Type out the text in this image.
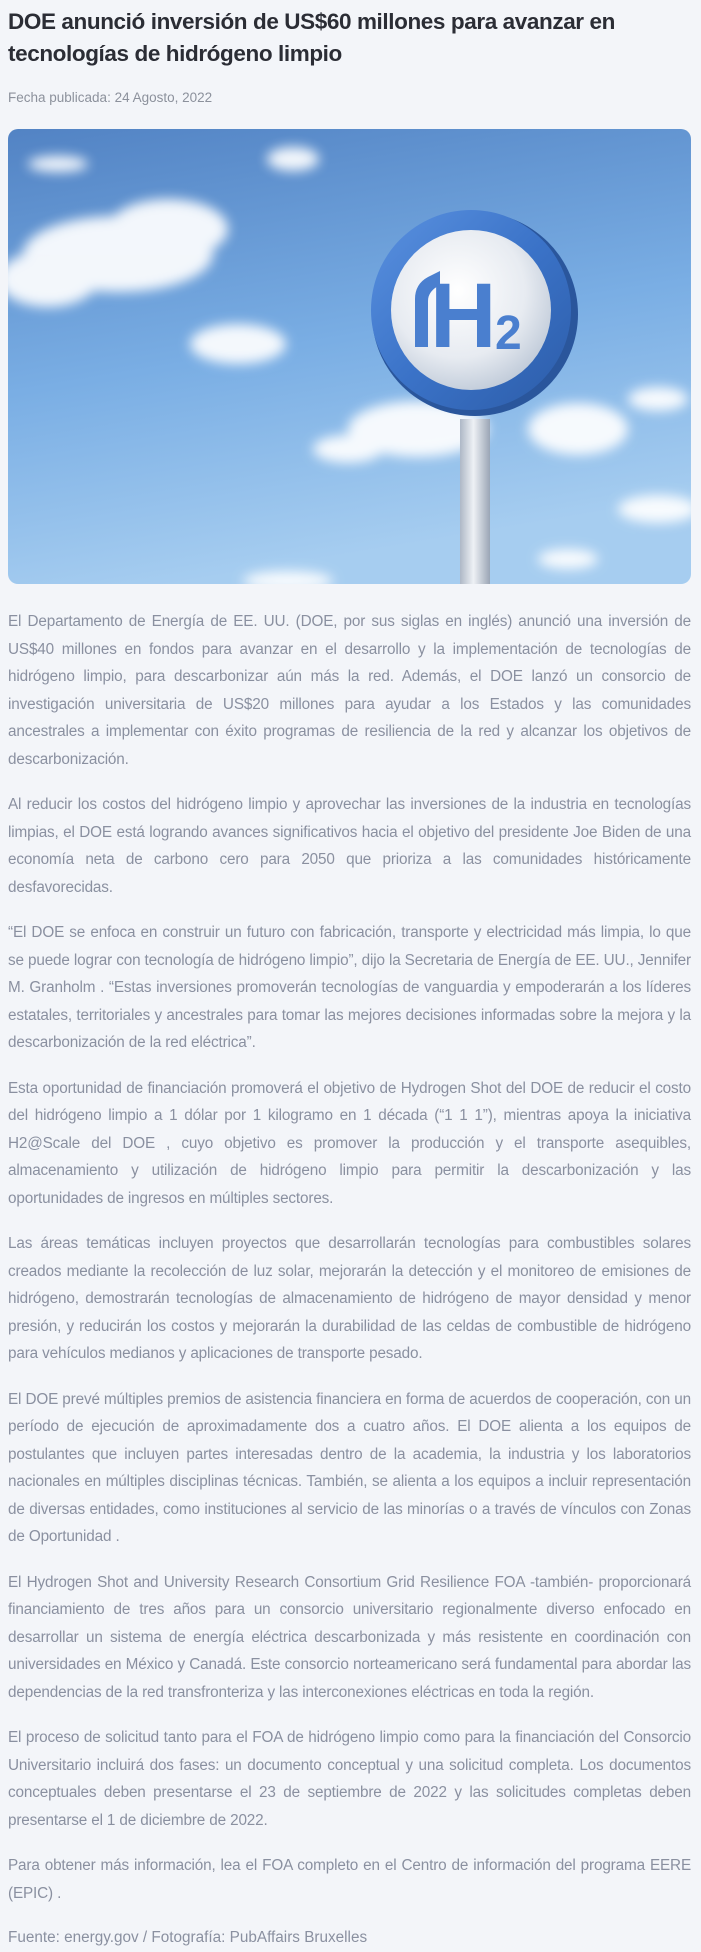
DOE anunció inversión de US$60 millones para avanzar en tecnologías de hidrógeno limpio
Fecha publicada: 24 Agosto, 2022
H
2

El Departamento de Energía de EE. UU. (DOE, por sus siglas en inglés) anunció una inversión de US$40 millones en fondos para avanzar en el desarrollo y la implementación de tecnologías de hidrógeno limpio, para descarbonizar aún más la red. Además, el DOE lanzó un consorcio de investigación universitaria de US$20 millones para ayudar a los Estados y las comunidades ancestrales a implementar con éxito programas de resiliencia de la red y alcanzar los objetivos de descarbonización.

Al reducir los costos del hidrógeno limpio y aprovechar las inversiones de la industria en tecnologías limpias, el DOE está logrando avances significativos hacia el objetivo del presidente Joe Biden de una economía neta de carbono cero para 2050 que prioriza a las comunidades históricamente desfavorecidas.

“El DOE se enfoca en construir un futuro con fabricación, transporte y electricidad más limpia, lo que se puede lograr con tecnología de hidrógeno limpio”, dijo la Secretaria de Energía de EE. UU., Jennifer M. Granholm . “Estas inversiones promoverán tecnologías de vanguardia y empoderarán a los líderes estatales, territoriales y ancestrales para tomar las mejores decisiones informadas sobre la mejora y la descarbonización de la red eléctrica”.

Esta oportunidad de financiación promoverá el objetivo de Hydrogen Shot del DOE de reducir el costo del hidrógeno limpio a 1 dólar por 1 kilogramo en 1 década (“1 1 1”), mientras apoya la iniciativa H2@Scale del DOE , cuyo objetivo es promover la producción y el transporte asequibles, almacenamiento y utilización de hidrógeno limpio para permitir la descarbonización y las oportunidades de ingresos en múltiples sectores.

Las áreas temáticas incluyen proyectos que desarrollarán tecnologías para combustibles solares creados mediante la recolección de luz solar, mejorarán la detección y el monitoreo de emisiones de hidrógeno, demostrarán tecnologías de almacenamiento de hidrógeno de mayor densidad y menor presión, y reducirán los costos y mejorarán la durabilidad de las celdas de combustible de hidrógeno para vehículos medianos y aplicaciones de transporte pesado.

El DOE prevé múltiples premios de asistencia financiera en forma de acuerdos de cooperación, con un período de ejecución de aproximadamente dos a cuatro años. El DOE alienta a los equipos de postulantes que incluyen partes interesadas dentro de la academia, la industria y los laboratorios nacionales en múltiples disciplinas técnicas. También, se alienta a los equipos a incluir representación de diversas entidades, como instituciones al servicio de las minorías o a través de vínculos con Zonas de Oportunidad .

El Hydrogen Shot and University Research Consortium Grid Resilience FOA -también- proporcionará financiamiento de tres años para un consorcio universitario regionalmente diverso enfocado en desarrollar un sistema de energía eléctrica descarbonizada y más resistente en coordinación con universidades en México y Canadá. Este consorcio norteamericano será fundamental para abordar las dependencias de la red transfronteriza y las interconexiones eléctricas en toda la región.

El proceso de solicitud tanto para el FOA de hidrógeno limpio como para la financiación del Consorcio Universitario incluirá dos fases: un documento conceptual y una solicitud completa. Los documentos conceptuales deben presentarse el 23 de septiembre de 2022 y las solicitudes completas deben presentarse el 1 de diciembre de 2022.

Para obtener más información, lea el FOA completo en el Centro de información del programa EERE (EPIC) .

Fuente: energy.gov / Fotografía: PubAffairs Bruxelles
